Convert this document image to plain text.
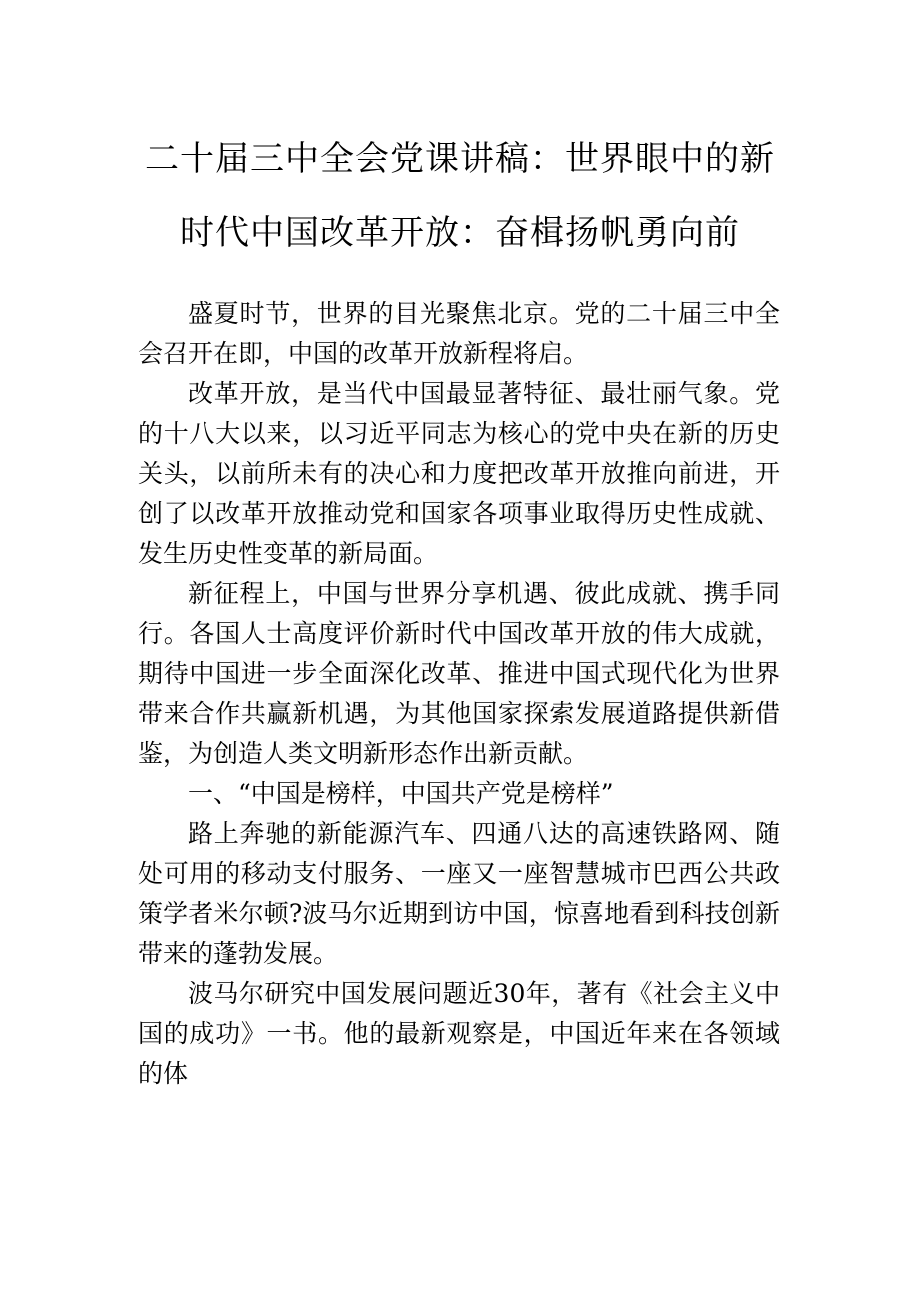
二十届三中全会党课讲稿：世界眼中的新
时代中国改革开放：奋楫扬帆勇向前

盛夏时节，世界的目光聚焦北京。党的二十届三中全会召开在即，中国的改革开放新程将启。

改革开放，是当代中国最显著特征、最壮丽气象。党的十八大以来，以习近平同志为核心的党中央在新的历史关头，以前所未有的决心和力度把改革开放推向前进，开创了以改革开放推动党和国家各项事业取得历史性成就、发生历史性变革的新局面。

新征程上，中国与世界分享机遇、彼此成就、携手同行。各国人士高度评价新时代中国改革开放的伟大成就，期待中国进一步全面深化改革、推进中国式现代化为世界带来合作共赢新机遇，为其他国家探索发展道路提供新借鉴，为创造人类文明新形态作出新贡献。

一、“中国是榜样，中国共产党是榜样”

路上奔驰的新能源汽车、四通八达的高速铁路网、随处可用的移动支付服务、一座又一座智慧城市巴西公共政策学者米尔顿?波马尔近期到访中国，惊喜地看到科技创新带来的蓬勃发展。

波马尔研究中国发展问题近30年，著有《社会主义中国的成功》一书。他的最新观察是，中国近年来在各领域的体
